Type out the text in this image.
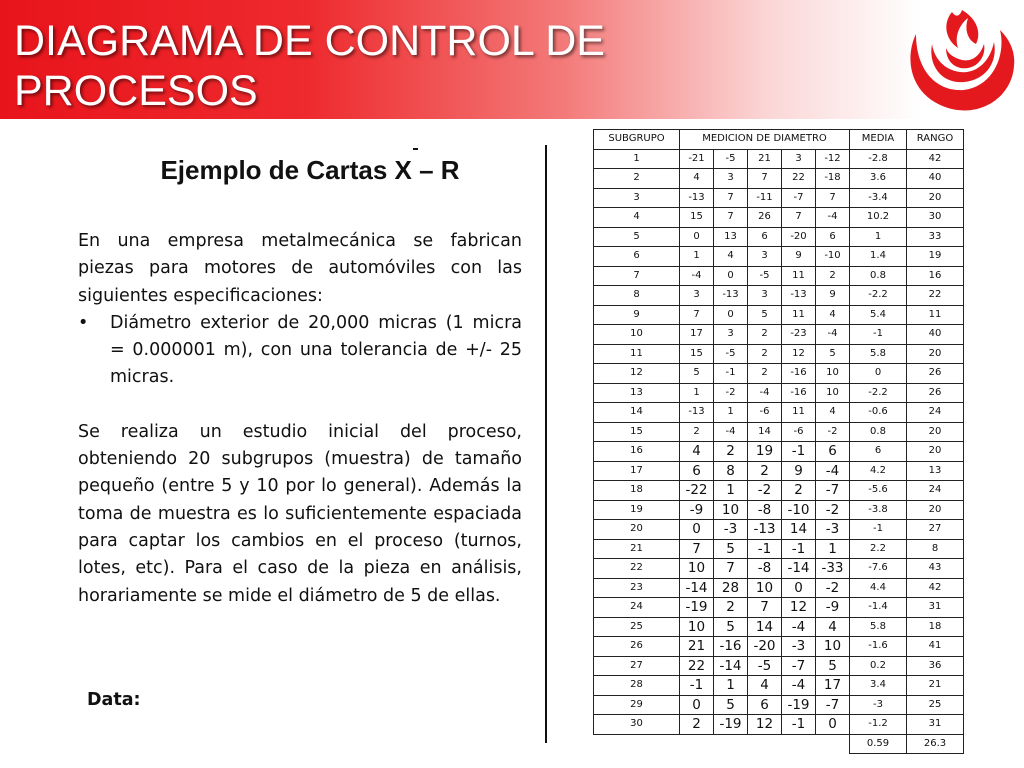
DIAGRAMA DE CONTROL DE
PROCESOS
Ejemplo de Cartas X – R

En una empresa metalmecánica se fabrican piezas para motores de automóviles con las siguientes especificaciones:

•	Diámetro exterior de 20,000 micras (1 micra = 0.000001 m), con una tolerancia de +/- 25 micras.

Se realiza un estudio inicial del proceso, obteniendo 20 subgrupos (muestra) de tamaño pequeño (entre 5 y 10 por lo general). Además la toma de muestra es lo suficientemente espaciada para captar los cambios en el proceso (turnos, lotes, etc). Para el caso de la pieza en análisis, horariamente se mide el diámetro de 5 de ellas.

Data:
SUBGRUPO	MEDICION DE DIAMETRO					MEDIA	RANGO
1	-21	-5	21	3	-12	-2.8	42
2	4	3	7	22	-18	3.6	40
3	-13	7	-11	-7	7	-3.4	20
4	15	7	26	7	-4	10.2	30
5	0	13	6	-20	6	1	33
6	1	4	3	9	-10	1.4	19
7	-4	0	-5	11	2	0.8	16
8	3	-13	3	-13	9	-2.2	22
9	7	0	5	11	4	5.4	11
10	17	3	2	-23	-4	-1	40
11	15	-5	2	12	5	5.8	20
12	5	-1	2	-16	10	0	26
13	1	-2	-4	-16	10	-2.2	26
14	-13	1	-6	11	4	-0.6	24
15	2	-4	14	-6	-2	0.8	20
16	4	2	19	-1	6	6	20
17	6	8	2	9	-4	4.2	13
18	-22	1	-2	2	-7	-5.6	24
19	-9	10	-8	-10	-2	-3.8	20
20	0	-3	-13	14	-3	-1	27
21	7	5	-1	-1	1	2.2	8
22	10	7	-8	-14	-33	-7.6	43
23	-14	28	10	0	-2	4.4	42
24	-19	2	7	12	-9	-1.4	31
25	10	5	14	-4	4	5.8	18
26	21	-16	-20	-3	10	-1.6	41
27	22	-14	-5	-7	5	0.2	36
28	-1	1	4	-4	17	3.4	21
29	0	5	6	-19	-7	-3	25
30	2	-19	12	-1	0	-1.2	31
						0.59	26.3
